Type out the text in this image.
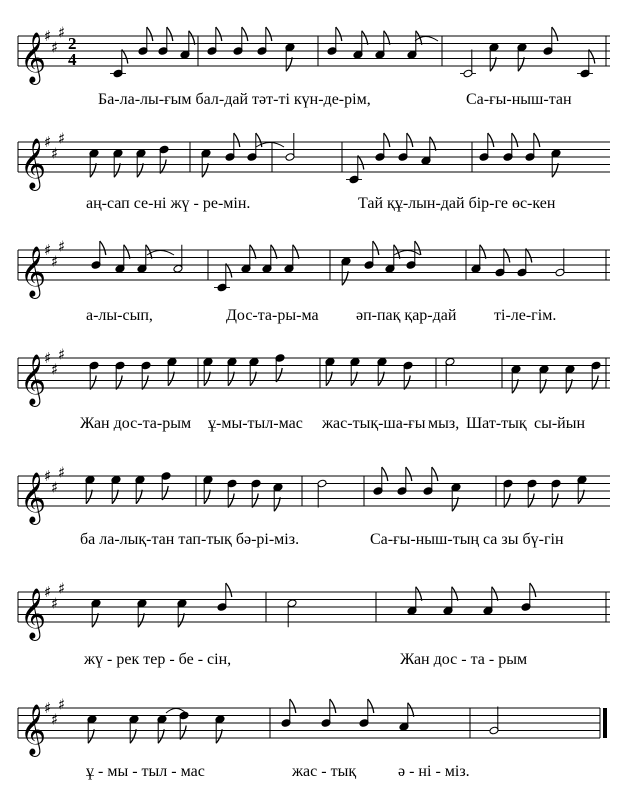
𝄞
♯
♯
♯
2
4
𝄞
♯
♯
♯
𝄞
♯
♯
♯
𝄞
♯
♯
♯
𝄞
♯
♯
♯
𝄞
♯
♯
♯
𝄞
♯
♯
♯
Ба-ла-лы-ғым бал-дай тәт-ті күн-де-рім,	Са-ғы-ныш-тан
аң-сап се-ні жү - ре-мін.	Тай құ-лын-дай бір-ге өс-кен
а-лы-сып,	Дос-та-ры-ма әп-пақ қар-дай ті-ле-гім.
Жан дос-та-рым ұ-мы-тыл-мас жас-тық-ша-ғы мыз, Шат-тық сы-йын
ба ла-лық-тан тап-тық бә-рі-міз.	Са-ғы-ныш-тың са зы бү-гін
жү - рек тер - бе - сін,	Жан дос - та - рым
ұ - мы - тыл - мас	жас - тық	ә - ні - міз.
